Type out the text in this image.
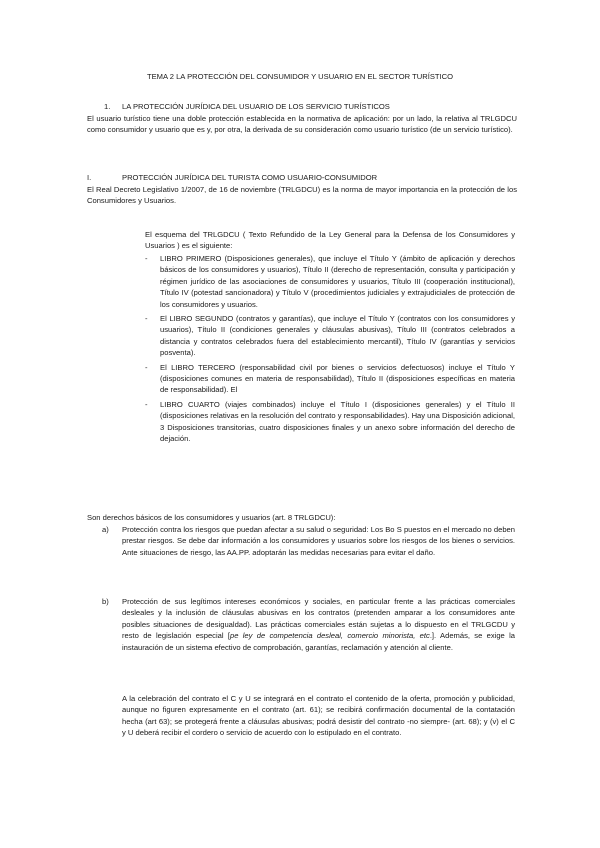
TEMA 2 LA PROTECCIÓN DEL CONSUMIDOR Y USUARIO EN EL SECTOR TURÍSTICO
1. LA PROTECCIÓN JURÍDICA DEL USUARIO DE LOS SERVICIO TURÍSTICOS

El usuario turístico tiene una doble protección establecida en la normativa de aplicación: por un lado, la relativa al TRLGDCU como consumidor y usuario que es y, por otra, la derivada de su consideración como usuario turístico (de un servicio turístico).

I.	PROTECCIÓN JURÍDICA DEL TURISTA COMO USUARIO-CONSUMIDOR

El Real Decreto Legislativo 1/2007, de 16 de noviembre (TRLGDCU) es la norma de mayor importancia en la protección de los Consumidores y Usuarios.

El esquema del TRLGDCU ( Texto Refundido de la Ley General para la Defensa de los Consumidores y Usuarios ) es el siguiente:

- LIBRO PRIMERO (Disposiciones generales), que incluye el Título Y (ámbito de aplicación y derechos básicos de los consumidores y usuarios), Título II (derecho de representación, consulta y participación y régimen jurídico de las asociaciones de consumidores y usuarios, Título III (cooperación institucional), Título IV (potestad sancionadora) y Título V (procedimientos judiciales y extrajudiciales de protección de los consumidores y usuarios.
- El LIBRO SEGUNDO (contratos y garantías), que incluye el Título Y (contratos con los consumidores y usuarios), Título II (condiciones generales y cláusulas abusivas), Título III (contratos celebrados a distancia y contratos celebrados fuera del establecimiento mercantil), Título IV (garantías y servicios posventa).
- El LIBRO TERCERO (responsabilidad civil por bienes o servicios defectuosos) incluye el Título Y (disposiciones comunes en materia de responsabilidad), Título II (disposiciones específicas en materia de responsabilidad). El
- LIBRO CUARTO (viajes combinados) incluye el Título I (disposiciones generales) y el Título II (disposiciones relativas en la resolución del contrato y responsabilidades). Hay una Disposición adicional, 3 Disposiciones transitorias, cuatro disposiciones finales y un anexo sobre información del derecho de dejación.
Son derechos básicos de los consumidores y usuarios (art. 8 TRLGDCU):
a) Protección contra los riesgos que puedan afectar a su salud o seguridad: Los Bo S puestos en el mercado no deben prestar riesgos. Se debe dar información a los consumidores y usuarios sobre los riesgos de los bienes o servicios. Ante situaciones de riesgo, las AA.PP. adoptarán las medidas necesarias para evitar el daño.
b) Protección de sus legítimos intereses económicos y sociales, en particular frente a las prácticas comerciales desleales y la inclusión de cláusulas abusivas en los contratos (pretenden amparar a los consumidores ante posibles situaciones de desigualdad). Las prácticas comerciales están sujetas a lo dispuesto en el TRLGCDU y resto de legislación especial [pe ley de competencia desleal, comercio minorista, etc.]. Además, se exige la instauración de un sistema efectivo de comprobación, garantías, reclamación y atención al cliente.

A la celebración del contrato el C y U se integrará en el contrato el contenido de la oferta, promoción y publicidad, aunque no figuren expresamente en el contrato (art. 61); se recibirá confirmación documental de la contatación hecha (art 63); se protegerá frente a cláusulas abusivas; podrá desistir del contrato -no siempre- (art. 68); y (v) el C y U deberá recibir el cordero o servicio de acuerdo con lo estipulado en el contrato.
